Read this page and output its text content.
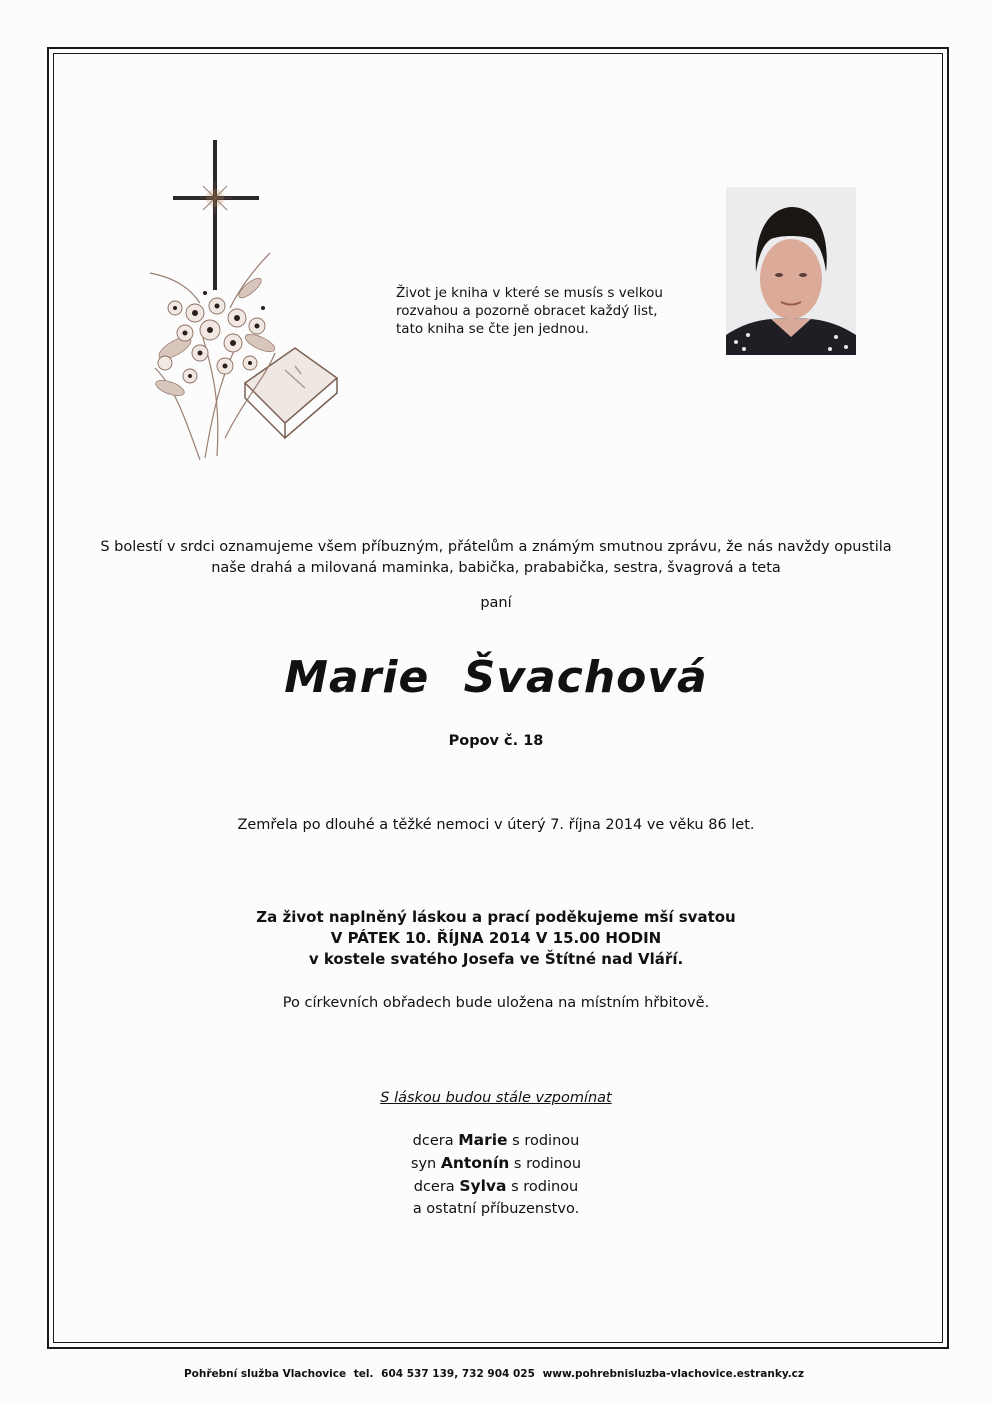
Život je kniha v které se musís s velkou
rozvahou a pozorně obracet každý list,
tato kniha se čte jen jednou.
S bolestí v srdci oznamujeme všem příbuzným, přátelům a známým smutnou zprávu, že nás navždy opustila
naše drahá a milovaná maminka, babička, prababička, sestra, švagrová a teta
paní
Marie Švachová
Popov č. 18
Zemřela po dlouhé a těžké nemoci v úterý 7. října 2014 ve věku 86 let.
Za život naplněný láskou a prací poděkujeme mší svatou
V PÁTEK 10. ŘÍJNA 2014 V 15.00 HODIN
v kostele svatého Josefa ve Štítné nad Vláří.
Po církevních obřadech bude uložena na místním hřbitově.
S láskou budou stále vzpomínat
dcera Marie s rodinou
syn Antonín s rodinou
dcera Sylva s rodinou
a ostatní příbuzenstvo.
Pohřební služba Vlachovice tel. 604 537 139, 732 904 025 www.pohrebnisluzba-vlachovice.estranky.cz
